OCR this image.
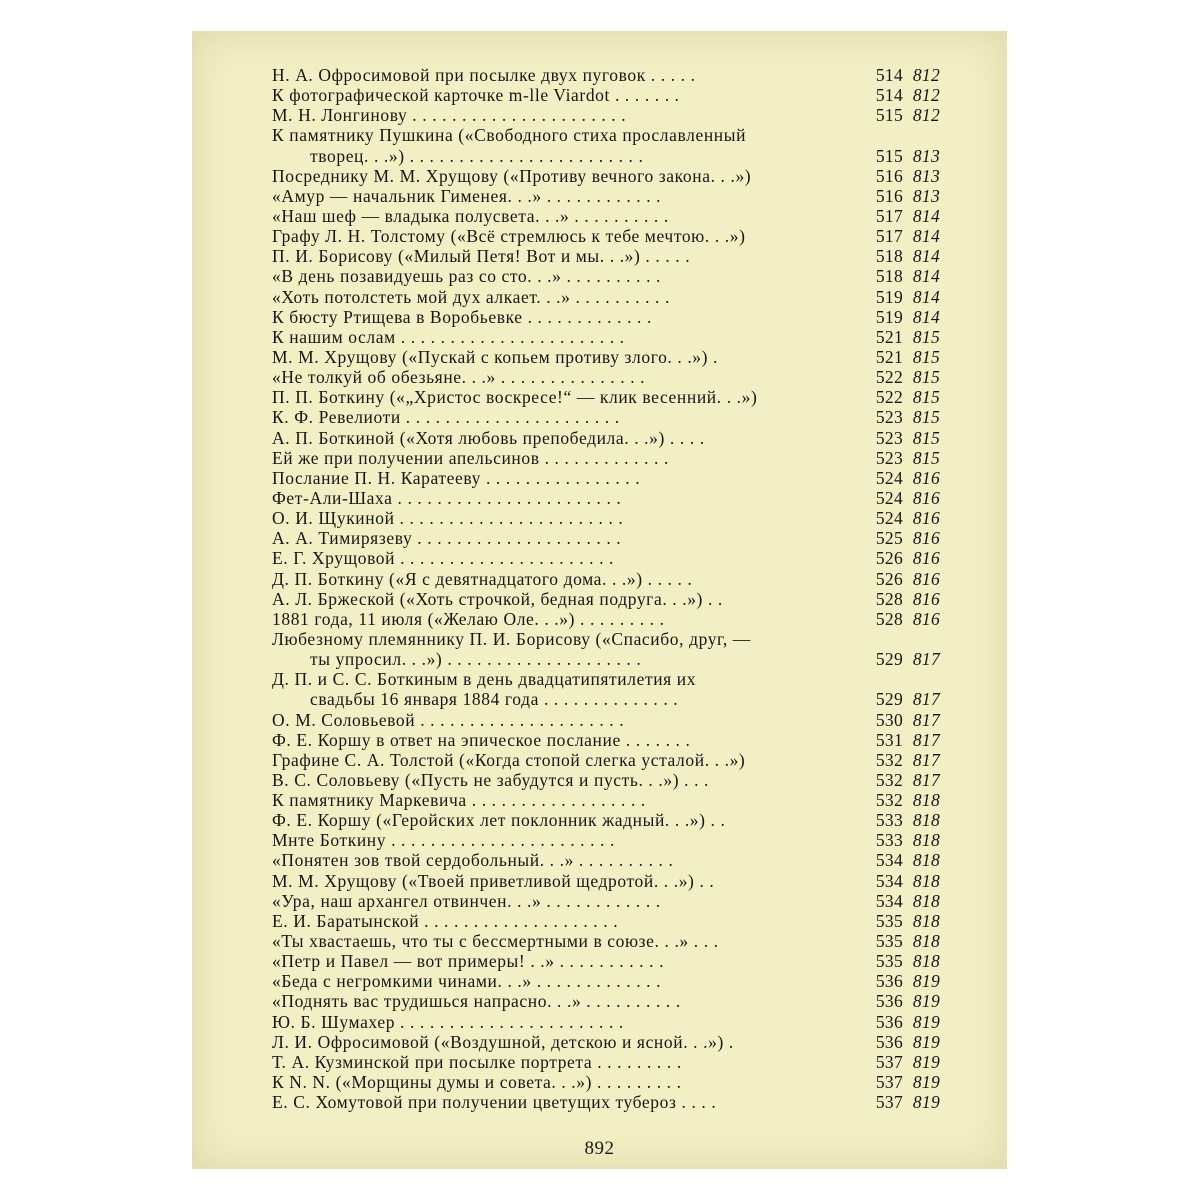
Н. А. Офросимовой при посылке двух пуговок . . . . .	514 812
К фотографической карточке m-lle Viardot . . . . . . .	514 812
М. Н. Лонгинову . . . . . . . . . . . . . . . . . . . . . .	515 812
К памятнику Пушкина («Свободного стиха прославленный
творец. . .») . . . . . . . . . . . . . . . . . . . . . . . .	515 813
Посреднику М. М. Хрущову («Противу вечного закона. . .»)	516 813
«Амур — начальник Гименея. . .» . . . . . . . . . . . .	516 813
«Наш шеф — владыка полусвета. . .» . . . . . . . . . .	517 814
Графу Л. Н. Толстому («Всё стремлюсь к тебе мечтою. . .»)	517 814
П. И. Борисову («Милый Петя! Вот и мы. . .») . . . . .	518 814
«В день позавидуешь раз со сто. . .» . . . . . . . . . .	518 814
«Хоть потолстеть мой дух алкает. . .» . . . . . . . . . .	519 814
К бюсту Ртищева в Воробьевке . . . . . . . . . . . . .	519 814
К нашим ослам . . . . . . . . . . . . . . . . . . . . . . .	521 815
М. М. Хрущову («Пускай с копьем противу злого. . .») .	521 815
«Не толкуй об обезьяне. . .» . . . . . . . . . . . . . . .	522 815
П. П. Боткину («„Христос воскресе!“ — клик весенний. . .»)	522 815
К. Ф. Ревелиоти . . . . . . . . . . . . . . . . . . . . . .	523 815
А. П. Боткиной («Хотя любовь препобедила. . .») . . . .	523 815
Ей же при получении апельсинов . . . . . . . . . . . . .	523 815
Послание П. Н. Каратееву . . . . . . . . . . . . . . . .	524 816
Фет-Али-Шаха . . . . . . . . . . . . . . . . . . . . . . .	524 816
О. И. Щукиной . . . . . . . . . . . . . . . . . . . . . . .	524 816
А. А. Тимирязеву . . . . . . . . . . . . . . . . . . . . .	525 816
Е. Г. Хрущовой . . . . . . . . . . . . . . . . . . . . . .	526 816
Д. П. Боткину («Я с девятнадцатого дома. . .») . . . . .	526 816
А. Л. Бржеской («Хоть строчкой, бедная подруга. . .») . .	528 816
1881 года, 11 июля («Желаю Оле. . .») . . . . . . . . .	528 816
Любезному племяннику П. И. Борисову («Спасибо, друг, —
ты упросил. . .») . . . . . . . . . . . . . . . . . . . .	529 817
Д. П. и С. С. Боткиным в день двадцатипятилетия их
свадьбы 16 января 1884 года . . . . . . . . . . . . . .	529 817
О. М. Соловьевой . . . . . . . . . . . . . . . . . . . . .	530 817
Ф. Е. Коршу в ответ на эпическое послание . . . . . . .	531 817
Графине С. А. Толстой («Когда стопой слегка усталой. . .»)	532 817
В. С. Соловьеву («Пусть не забудутся и пусть. . .») . . .	532 817
К памятнику Маркевича . . . . . . . . . . . . . . . . . .	532 818
Ф. Е. Коршу («Геройских лет поклонник жадный. . .») . .	533 818
Мнте Боткину . . . . . . . . . . . . . . . . . . . . . . .	533 818
«Понятен зов твой сердобольный. . .» . . . . . . . . . .	534 818
М. М. Хрущову («Твоей приветливой щедротой. . .») . .	534 818
«Ура, наш архангел отвинчен. . .» . . . . . . . . . . . .	534 818
Е. И. Баратынской . . . . . . . . . . . . . . . . . . . .	535 818
«Ты хвастаешь, что ты с бессмертными в союзе. . .» . . .	535 818
«Петр и Павел — вот примеры! . .» . . . . . . . . . . .	535 818
«Беда с негромкими чинами. . .» . . . . . . . . . . . . .	536 819
«Поднять вас трудишься напрасно. . .» . . . . . . . . . .	536 819
Ю. Б. Шумахер . . . . . . . . . . . . . . . . . . . . . . .	536 819
Л. И. Офросимовой («Воздушной, детскою и ясной. . .») .	536 819
Т. А. Кузминской при посылке портрета . . . . . . . . .	537 819
К N. N. («Морщины думы и совета. . .») . . . . . . . . .	537 819
Е. С. Хомутовой при получении цветущих тубероз . . . .	537 819
892
